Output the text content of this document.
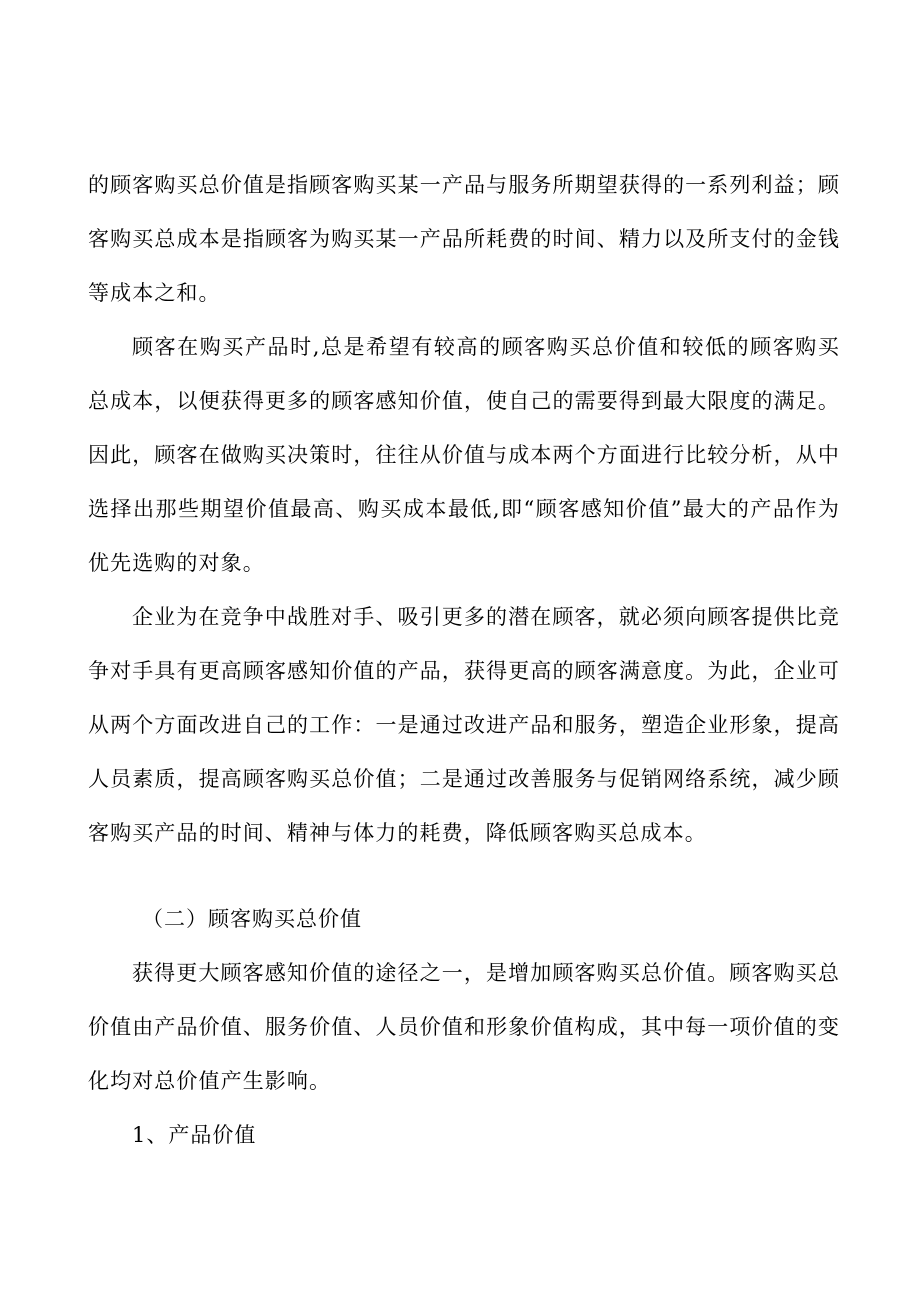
的顾客购买总价值是指顾客购买某一产品与服务所期望获得的一系列利益；顾客购买总成本是指顾客为购买某一产品所耗费的时间、精力以及所支付的金钱等成本之和。

顾客在购买产品时,总是希望有较高的顾客购买总价值和较低的顾客购买总成本，以便获得更多的顾客感知价值，使自己的需要得到最大限度的满足。因此，顾客在做购买决策时，往往从价值与成本两个方面进行比较分析，从中选择出那些期望价值最高、购买成本最低,即“顾客感知价值”最大的产品作为优先选购的对象。

企业为在竞争中战胜对手、吸引更多的潜在顾客，就必须向顾客提供比竞争对手具有更高顾客感知价值的产品，获得更高的顾客满意度。为此，企业可从两个方面改进自己的工作：一是通过改进产品和服务，塑造企业形象，提高人员素质，提高顾客购买总价值；二是通过改善服务与促销网络系统，减少顾客购买产品的时间、精神与体力的耗费，降低顾客购买总成本。

（二）顾客购买总价值

获得更大顾客感知价值的途径之一，是增加顾客购买总价值。顾客购买总价值由产品价值、服务价值、人员价值和形象价值构成，其中每一项价值的变化均对总价值产生影响。

1、产品价值
